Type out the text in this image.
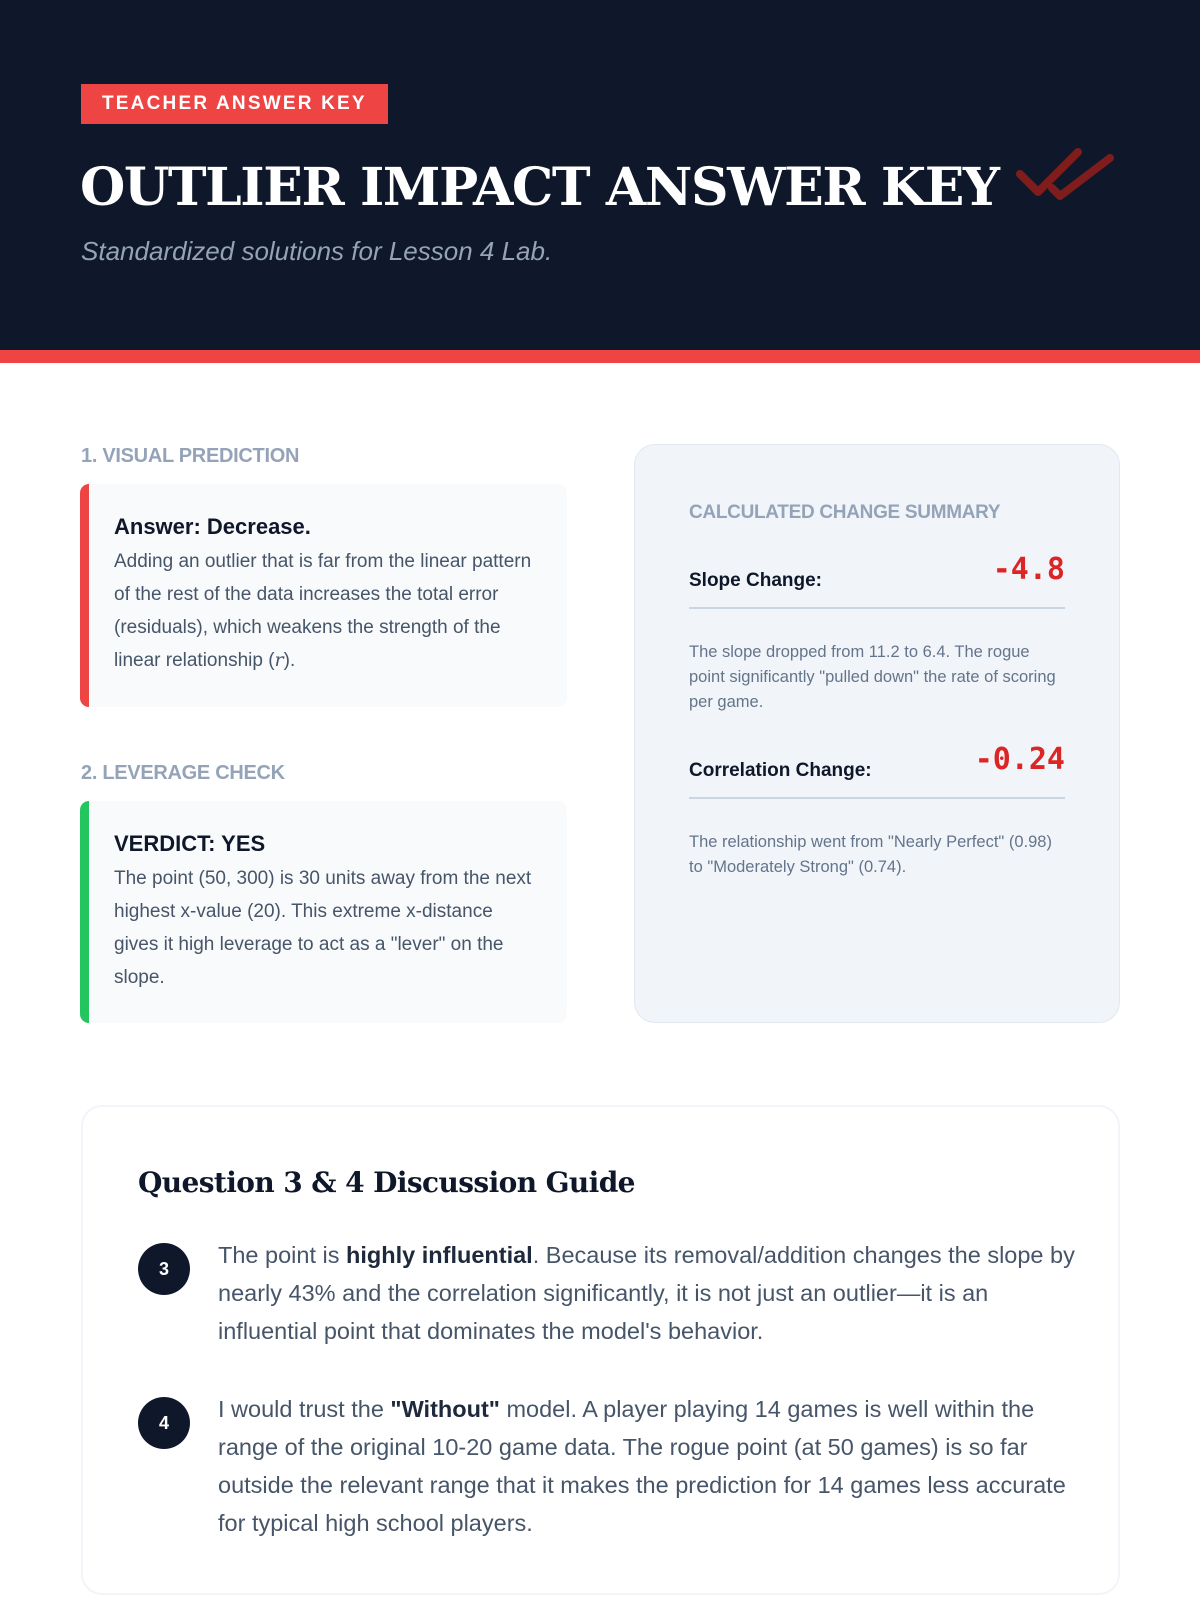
TEACHER ANSWER KEY
OUTLIER IMPACT ANSWER KEY
Standardized solutions for Lesson 4 Lab.
1. VISUAL PREDICTION
Answer: Decrease.
Adding an outlier that is far from the linear pattern of the rest of the data increases the total error (residuals), which weakens the strength of the linear relationship (r).
2. LEVERAGE CHECK
VERDICT: YES
The point (50, 300) is 30 units away from the next highest x-value (20). This extreme x-distance gives it high leverage to act as a "lever" on the slope.
CALCULATED CHANGE SUMMARY
Slope Change:	-4.8
The slope dropped from 11.2 to 6.4. The rogue point significantly "pulled down" the rate of scoring per game.
Correlation Change:	-0.24
The relationship went from "Nearly Perfect" (0.98) to "Moderately Strong" (0.74).
Question 3 & 4 Discussion Guide
3
The point is highly influential. Because its removal/addition changes the slope by nearly 43% and the correlation significantly, it is not just an outlier—it is an influential point that dominates the model's behavior.
4
I would trust the "Without" model. A player playing 14 games is well within the range of the original 10-20 game data. The rogue point (at 50 games) is so far outside the relevant range that it makes the prediction for 14 games less accurate for typical high school players.
